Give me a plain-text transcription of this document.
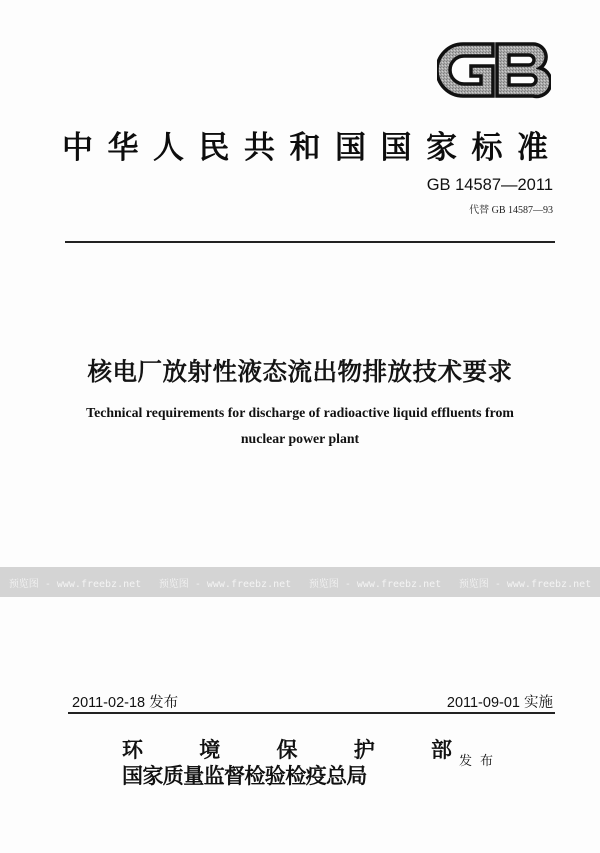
中华人民共和国国家标准
GB 14587—2011
代替 GB 14587—93
核电厂放射性液态流出物排放技术要求
Technical requirements for discharge of radioactive liquid effluents from
nuclear power plant
预览图 - www.freebz.net 预览图 - www.freebz.net 预览图 - www.freebz.net 预览图 - www.freebz.net
2011-02-18 发布	2011-09-01 实施
环	境	保	护	部
国家质量监督检验检疫总局
发布
